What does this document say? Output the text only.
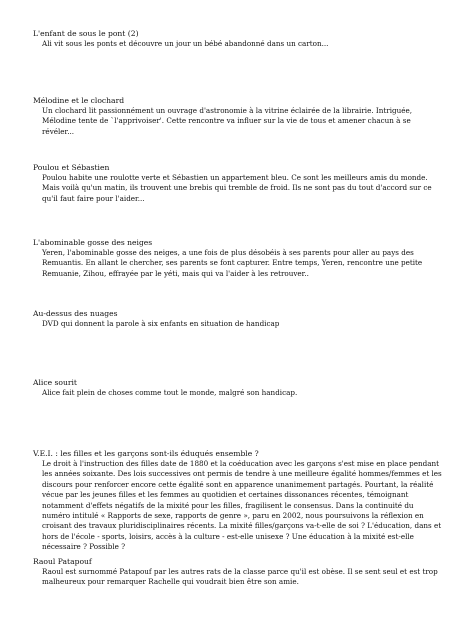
L'enfant de sous le pont (2)
Ali vit sous les ponts et découvre un jour un bébé abandonné dans un carton...
Mélodine et le clochard
Un clochard lit passionnément un ouvrage d'astronomie à la vitrine éclairée de la librairie. Intriguée, Mélodine tente de `l'apprivoiser'. Cette rencontre va influer sur la vie de tous et amener chacun à se révéler...
Poulou et Sébastien
Poulou habite une roulotte verte et Sébastien un appartement bleu. Ce sont les meilleurs amis du monde. Mais voilà qu'un matin, ils trouvent une brebis qui tremble de froid. Ils ne sont pas du tout d'accord sur ce qu'il faut faire pour l'aider...
L'abominable gosse des neiges
Yeren, l'abominable gosse des neiges, a une fois de plus désobéis à ses parents pour aller au pays des Remuantis. En allant le chercher, ses parents se font capturer. Entre temps, Yeren, rencontre une petite Remuanie, Zihou, effrayée par le yéti, mais qui va l'aider à les retrouver..
Au-dessus des nuages
DVD qui donnent la parole à six enfants en situation de handicap
Alice sourit
Alice fait plein de choses comme tout le monde, malgré son handicap.
V.E.I. : les filles et les garçons sont-ils éduqués ensemble ?
Le droit à l'instruction des filles date de 1880 et la coéducation avec les garçons s'est mise en place pendant les années soixante. Des lois successives ont permis de tendre à une meilleure égalité hommes/femmes et les discours pour renforcer encore cette égalité sont en apparence unanimement partagés. Pourtant, la réalité vécue par les jeunes filles et les femmes au quotidien et certaines dissonances récentes, témoignant notamment d'effets négatifs de la mixité pour les filles, fragilisent le consensus. Dans la continuité du numéro intitulé « Rapports de sexe, rapports de genre », paru en 2002, nous poursuivons la réflexion en croisant des travaux pluridisciplinaires récents. La mixité filles/garçons va-t-elle de soi ? L'éducation, dans et hors de l'école - sports, loisirs, accès à la culture - est-elle unisexe ? Une éducation à la mixité est-elle nécessaire ? Possible ?
Raoul Patapouf
Raoul est surnommé Patapouf par les autres rats de la classe parce qu'il est obèse. Il se sent seul et est trop malheureux pour remarquer Rachelle qui voudrait bien être son amie.
